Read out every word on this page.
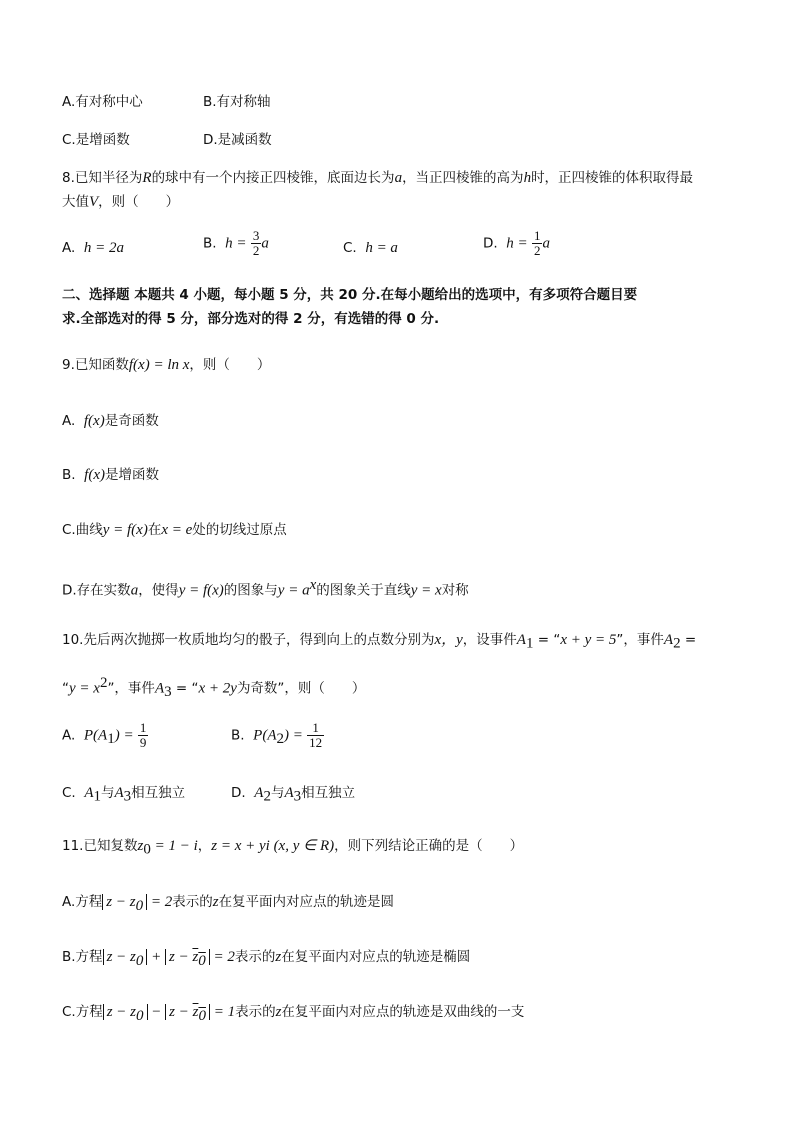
A.有对称中心	B.有对称轴
C.是增函数	D.是减函数
8.已知半径为R的球中有一个内接正四棱锥，底面边长为a，当正四棱锥的高为h时，正四棱锥的体积取得最
大值V，则（　　）
A. h = 2a	B. $h = \frac{3}{2}$ a	C. h = a	D. $h = \frac{1}{2}$ a
二、选择题 本题共 4 小题，每小题 5 分，共 20 分.在每小题给出的选项中，有多项符合题目要
求.全部选对的得 5 分，部分选对的得 2 分，有选错的得 0 分.
9.已知函数f(x) = ln x，则（　　）
A. f(x)是奇函数
B. f(x)是增函数
C.曲线y = f(x)在x = e处的切线过原点
D.存在实数a，使得y = f(x)的图象与$y = a^x$的图象关于直线y = x对称
10.先后两次抛掷一枚质地均匀的骰子，得到向上的点数分别为x，y，设事件$A_1$ = “x + y = 5”，事件$A_2$ =
“$y = x^2$”，事件$A_3$ = “x + 2y为奇数”，则（　　）
A. $P(A_1) = \frac{1}{9}$	B. $P(A_2) = \frac{1}{12}$
C. $A_1$与$A_3$相互独立	D. $A_2$与$A_3$相互独立
11.已知复数$z_0 = 1 - i$，z = x + yi (x, y ∈ R)，则下列结论正确的是（　　）
A.方程 $z - z_0 = 2$表示的z在复平面内对应点的轨迹是圆
B.方程 $z - z_0 + z - z_0 = 2$表示的z在复平面内对应点的轨迹是椭圆
C.方程 $z - z_0 - z - z_0 = 1$表示的z在复平面内对应点的轨迹是双曲线的一支
